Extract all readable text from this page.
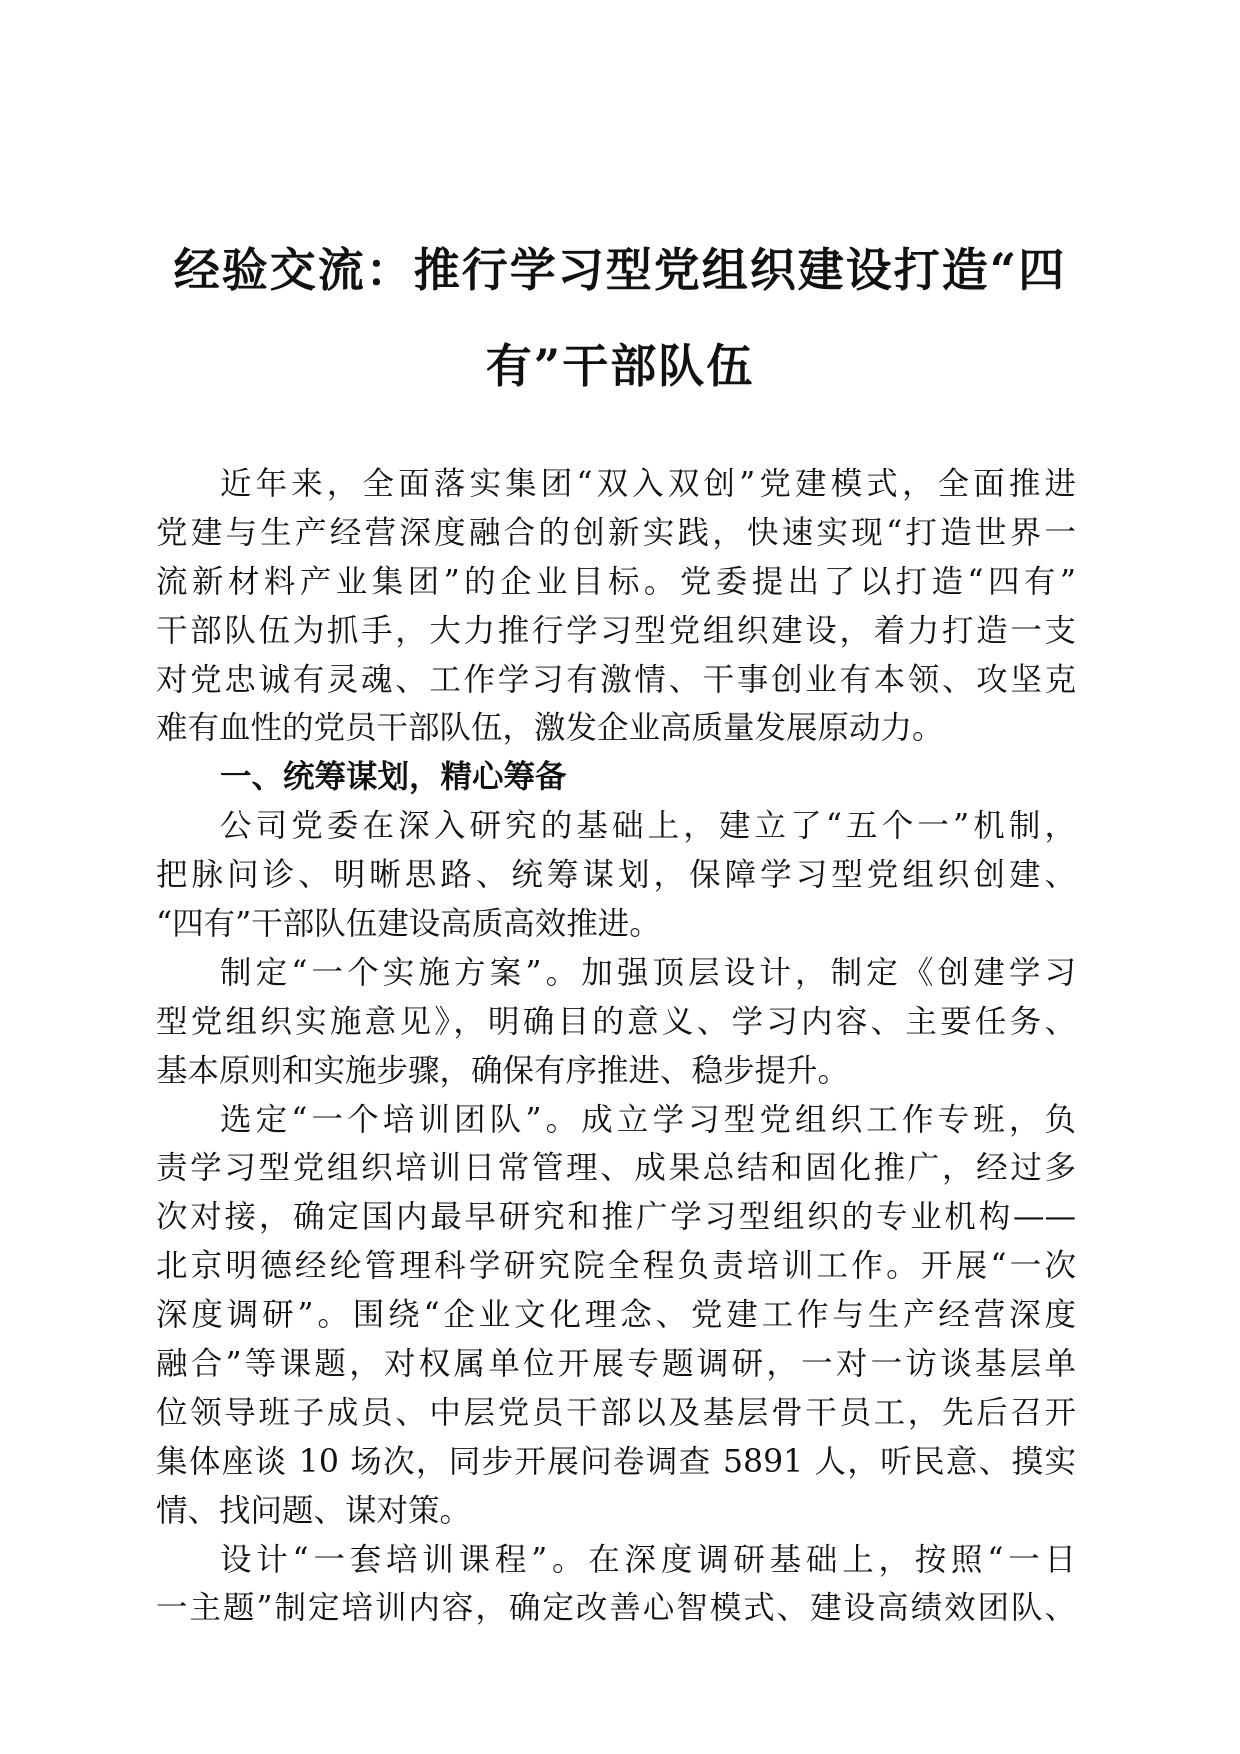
经验交流：推行学习型党组织建设打造“四
有”干部队伍
近年来，全面落实集团“双入双创”党建模式，全面推进
党建与生产经营深度融合的创新实践，快速实现“打造世界一
流新材料产业集团”的企业目标。党委提出了以打造“四有”
干部队伍为抓手，大力推行学习型党组织建设，着力打造一支
对党忠诚有灵魂、工作学习有激情、干事创业有本领、攻坚克
难有血性的党员干部队伍，激发企业高质量发展原动力。
一、统筹谋划，精心筹备
公司党委在深入研究的基础上，建立了“五个一”机制，
把脉问诊、明晰思路、统筹谋划，保障学习型党组织创建、
“四有”干部队伍建设高质高效推进。
制定“一个实施方案”。加强顶层设计，制定《创建学习
型党组织实施意见》，明确目的意义、学习内容、主要任务、
基本原则和实施步骤，确保有序推进、稳步提升。
选定“一个培训团队”。成立学习型党组织工作专班，负
责学习型党组织培训日常管理、成果总结和固化推广，经过多
次对接，确定国内最早研究和推广学习型组织的专业机构——
北京明德经纶管理科学研究院全程负责培训工作。开展“一次
深度调研”。围绕“企业文化理念、党建工作与生产经营深度
融合”等课题，对权属单位开展专题调研，一对一访谈基层单
位领导班子成员、中层党员干部以及基层骨干员工，先后召开
集体座谈 10 场次，同步开展问卷调查 5891 人，听民意、摸实
情、找问题、谋对策。
设计“一套培训课程”。在深度调研基础上，按照“一日
一主题”制定培训内容，确定改善心智模式、建设高绩效团队、
